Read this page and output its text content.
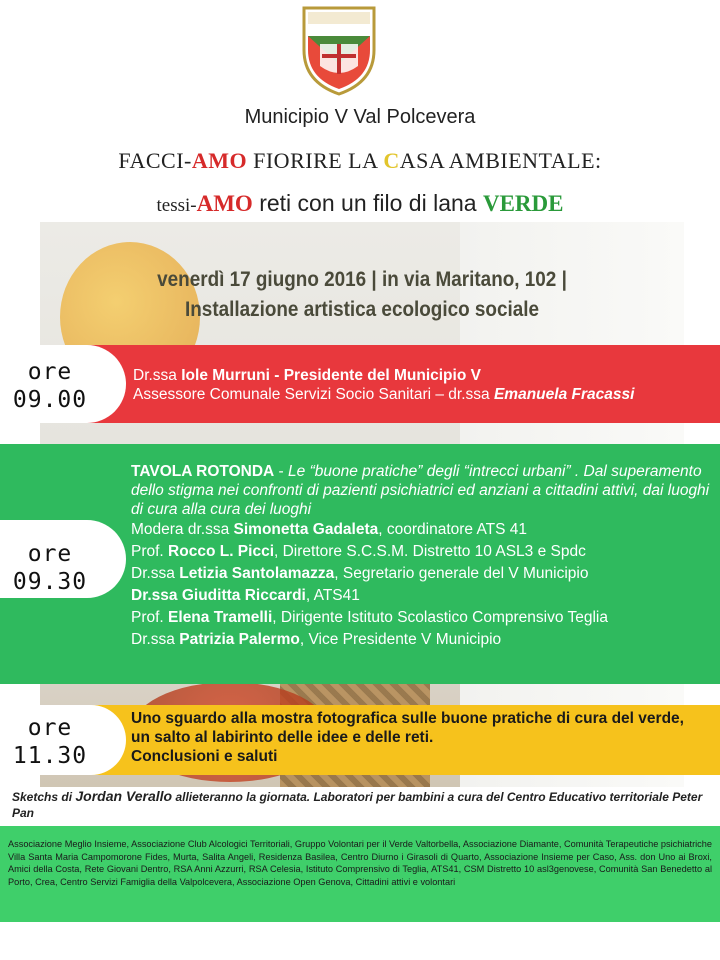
Municipio V Val Polcevera
FACCI-AMO FIORIRE LA CASA AMBIENTALE:
tessi-AMO reti con un filo di lana VERDE
venerdì 17 giugno 2016 | in via Maritano, 102 |
Installazione artistica ecologico sociale
ore
09.00
Dr.ssa Iole Murruni - Presidente del Municipio V
Assessore Comunale Servizi Socio Sanitari – dr.ssa Emanuela Fracassi
ore
09.30
TAVOLA ROTONDA - Le “buone pratiche” degli “intrecci urbani” . Dal superamento dello stigma nei confronti di pazienti psichiatrici ed anziani a cittadini attivi, dai luoghi di cura alla cura dei luoghi
Modera dr.ssa Simonetta Gadaleta, coordinatore ATS 41
Prof. Rocco L. Picci, Direttore S.C.S.M. Distretto 10 ASL3 e Spdc
Dr.ssa Letizia Santolamazza, Segretario generale del V Municipio
Dr.ssa Giuditta Riccardi, ATS41
Prof. Elena Tramelli, Dirigente Istituto Scolastico Comprensivo Teglia
Dr.ssa Patrizia Palermo, Vice Presidente V Municipio
ore
11.30
Uno sguardo alla mostra fotografica sulle buone pratiche di cura del verde,
un salto al labirinto delle idee e delle reti.
Conclusioni e saluti
Sketchs di Jordan Verallo allieteranno la giornata. Laboratori per bambini a cura del Centro Educativo territoriale Peter Pan
Associazione Meglio Insieme, Associazione Club Alcologici Territoriali, Gruppo Volontari per il Verde Valtorbella, Associazione Diamante, Comunità Terapeutiche psichiatriche Villa Santa Maria Campomorone Fides, Murta, Salita Angeli, Residenza Basilea, Centro Diurno i Girasoli di Quarto, Associazione Insieme per Caso, Ass. don Uno ai Broxi, Amici della Costa, Rete Giovani Dentro, RSA Anni Azzurri, RSA Celesia, Istituto Comprensivo di Teglia, ATS41, CSM Distretto 10 asl3genovese, Comunità San Benedetto al Porto, Crea, Centro Servizi Famiglia della Valpolcevera, Associazione Open Genova, Cittadini attivi e volontari
